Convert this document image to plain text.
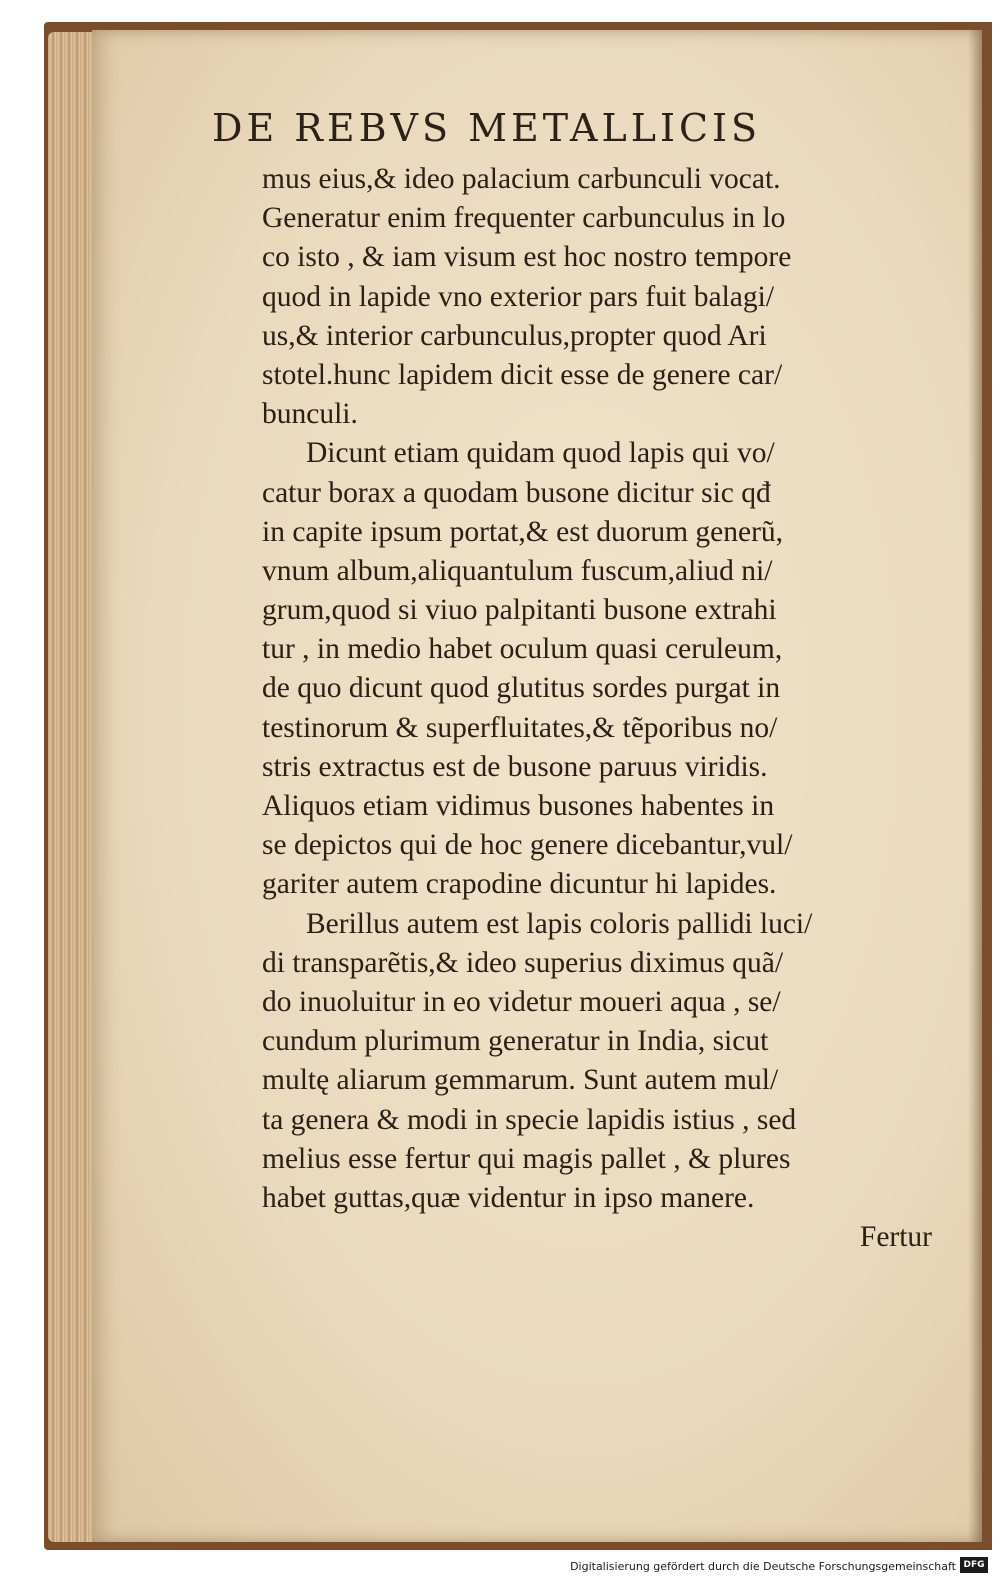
DE REBVS METALLICIS
mus eius,& ideo palacium carbunculi vocat.
Generatur enim frequenter carbunculus in lo
co isto , & iam visum est hoc nostro tempore
quod in lapide vno exterior pars fuit balagi/
us,& interior carbunculus,propter quod Ari
stotel.hunc lapidem dicit esse de genere car/
bunculi.
Dicunt etiam quidam quod lapis qui vo/
catur borax a quodam busone dicitur sic qđ
in capite ipsum portat,& est duorum generũ,
vnum album,aliquantulum fuscum,aliud ni/
grum,quod si viuo palpitanti busone extrahi
tur , in medio habet oculum quasi ceruleum,
de quo dicunt quod glutitus sordes purgat in
testinorum & superfluitates,& tẽporibus no/
stris extractus est de busone paruus viridis.
Aliquos etiam vidimus busones habentes in
se depictos qui de hoc genere dicebantur,vul/
gariter autem crapodine dicuntur hi lapides.
Berillus autem est lapis coloris pallidi luci/
di transparẽtis,& ideo superius diximus quã/
do inuoluitur in eo videtur moueri aqua , se/
cundum plurimum generatur in India, sicut
multę aliarum gemmarum. Sunt autem mul/
ta genera & modi in specie lapidis istius , sed
melius esse fertur qui magis pallet , & plures
habet guttas,quæ videntur in ipso manere.
Fertur
Digitalisierung gefördert durch die Deutsche Forschungsgemeinschaft DFG
